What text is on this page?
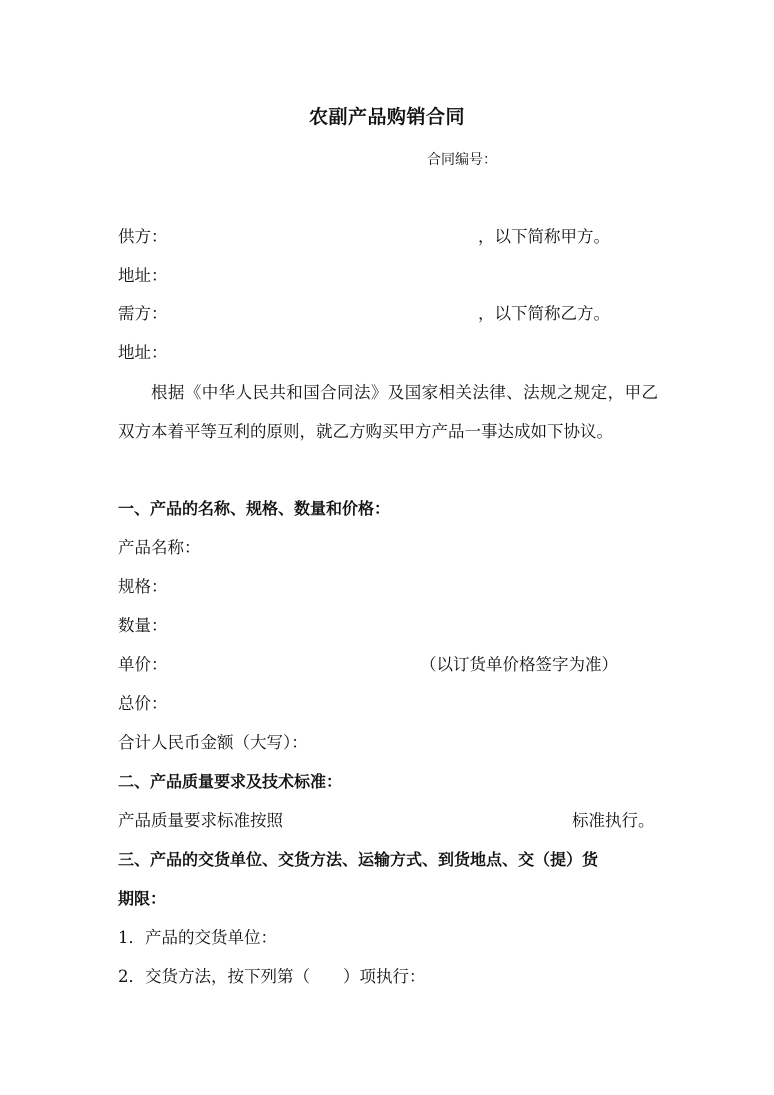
农副产品购销合同
合同编号：
供方：	，以下简称甲方。
地址：
需方：	，以下简称乙方。
地址：
根据《中华人民共和国合同法》及国家相关法律、法规之规定，甲乙双方本着平等互利的原则，就乙方购买甲方产品一事达成如下协议。
一、产品的名称、规格、数量和价格：
产品名称：
规格：
数量：
单价：	（以订货单价格签字为准）
总价：
合计人民币金额（大写）：
二、产品质量要求及技术标准：
产品质量要求标准按照	标准执行。
三、产品的交货单位、交货方法、运输方式、到货地点、交（提）货
期限：
1．产品的交货单位：
2．交货方法，按下列第（　　）项执行：
